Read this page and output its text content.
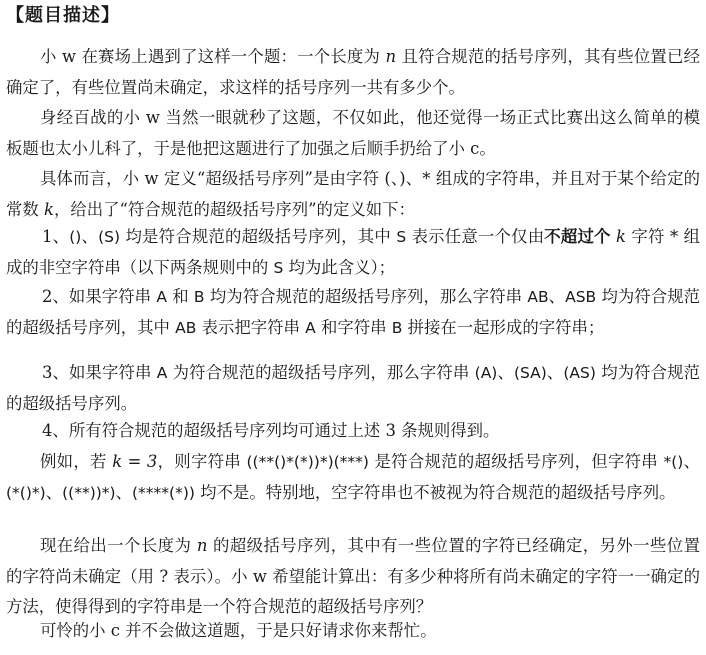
【题目描述】
小 w 在赛场上遇到了这样一个题：一个长度为 n 且符合规范的括号序列，其有些位置已经确定了，有些位置尚未确定，求这样的括号序列一共有多少个。
身经百战的小 w 当然一眼就秒了这题，不仅如此，他还觉得一场正式比赛出这么简单的模板题也太小儿科了，于是他把这题进行了加强之后顺手扔给了小 c。
具体而言，小 w 定义“超级括号序列”是由字符 (、)、* 组成的字符串，并且对于某个给定的常数 k，给出了“符合规范的超级括号序列”的定义如下：
1、()、(S) 均是符合规范的超级括号序列，其中 S 表示任意一个仅由不超过个 k 字符 * 组成的非空字符串（以下两条规则中的 S 均为此含义）；
2、如果字符串 A 和 B 均为符合规范的超级括号序列，那么字符串 AB、ASB 均为符合规范的超级括号序列，其中 AB 表示把字符串 A 和字符串 B 拼接在一起形成的字符串；
3、如果字符串 A 为符合规范的超级括号序列，那么字符串 (A)、(SA)、(AS) 均为符合规范的超级括号序列。
4、所有符合规范的超级括号序列均可通过上述 3 条规则得到。
例如，若 k = 3，则字符串 ((**()*(*))*)(***) 是符合规范的超级括号序列，但字符串 *()、(*()*)、((**))*)、(****(*)) 均不是。特别地，空字符串也不被视为符合规范的超级括号序列。
现在给出一个长度为 n 的超级括号序列，其中有一些位置的字符已经确定，另外一些位置的字符尚未确定（用 ? 表示）。小 w 希望能计算出：有多少种将所有尚未确定的字符一一确定的方法，使得得到的字符串是一个符合规范的超级括号序列？
可怜的小 c 并不会做这道题，于是只好请求你来帮忙。
